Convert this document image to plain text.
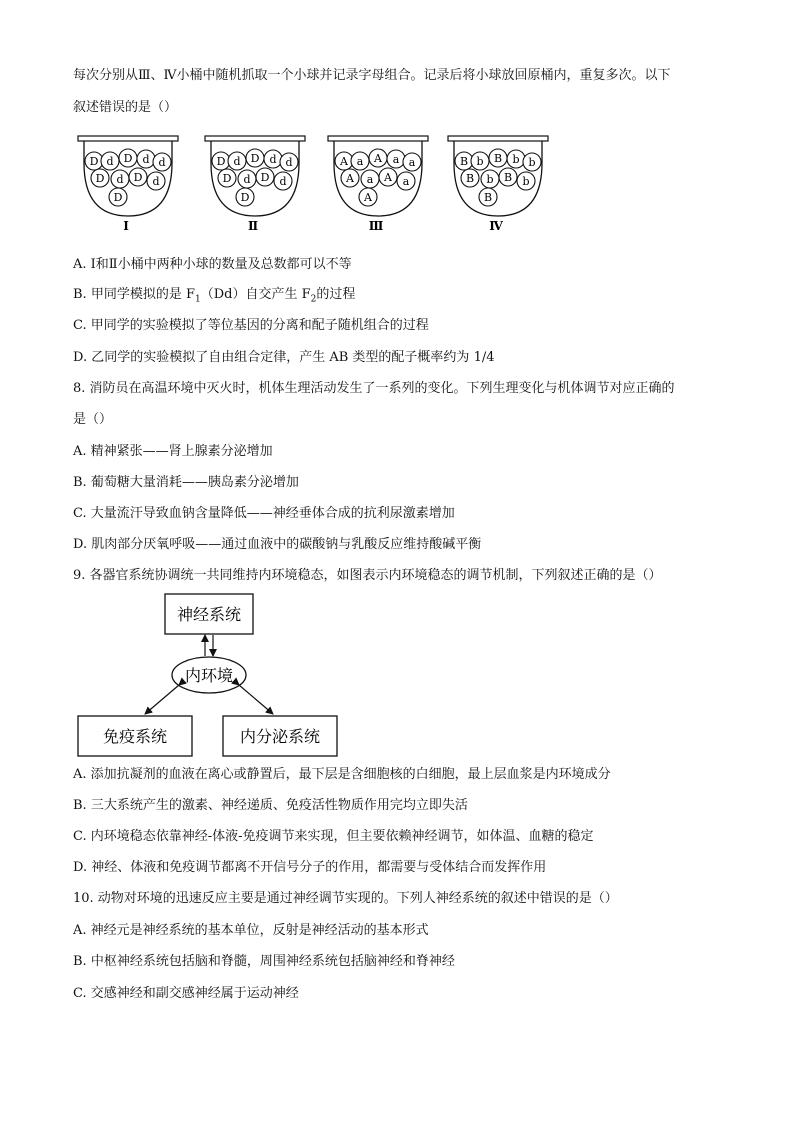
每次分别从Ⅲ、Ⅳ小桶中随机抓取一个小球并记录字母组合。记录后将小球放回原桶内，重复多次。以下
叙述错误的是（）
D d D d d
D d D d
D
Ⅰ
D d D d d
D d D d
D
Ⅱ
A a A a a
A a A a
A
Ⅲ
B b B b b
B b B b
B
Ⅳ
A. Ⅰ和Ⅱ小桶中两种小球的数量及总数都可以不等
B. 甲同学模拟的是 $F_1(Dd)$自交产生 $F_2$的过程
C. 甲同学的实验模拟了等位基因的分离和配子随机组合的过程
D. 乙同学的实验模拟了自由组合定律，产生 AB 类型的配子概率约为 1/4
8. 消防员在高温环境中灭火时，机体生理活动发生了一系列的变化。下列生理变化与机体调节对应正确的
是（）
A. 精神紧张——肾上腺素分泌增加
B. 葡萄糖大量消耗——胰岛素分泌增加
C. 大量流汗导致血钠含量降低——神经垂体合成的抗利尿激素增加
D. 肌肉部分厌氧呼吸——通过血液中的碳酸钠与乳酸反应维持酸碱平衡
9. 各器官系统协调统一共同维持内环境稳态，如图表示内环境稳态的调节机制，下列叙述正确的是（）
神经系统
内环境
免疫系统	内分泌系统
A. 添加抗凝剂的血液在离心或静置后，最下层是含细胞核的白细胞，最上层血浆是内环境成分
B. 三大系统产生的激素、神经递质、免疫活性物质作用完均立即失活
C. 内环境稳态依靠神经-体液-免疫调节来实现，但主要依赖神经调节，如体温、血糖的稳定
D. 神经、体液和免疫调节都离不开信号分子的作用，都需要与受体结合而发挥作用
10. 动物对环境的迅速反应主要是通过神经调节实现的。下列人神经系统的叙述中错误的是（）
A. 神经元是神经系统的基本单位，反射是神经活动的基本形式
B. 中枢神经系统包括脑和脊髓，周围神经系统包括脑神经和脊神经
C. 交感神经和副交感神经属于运动神经
